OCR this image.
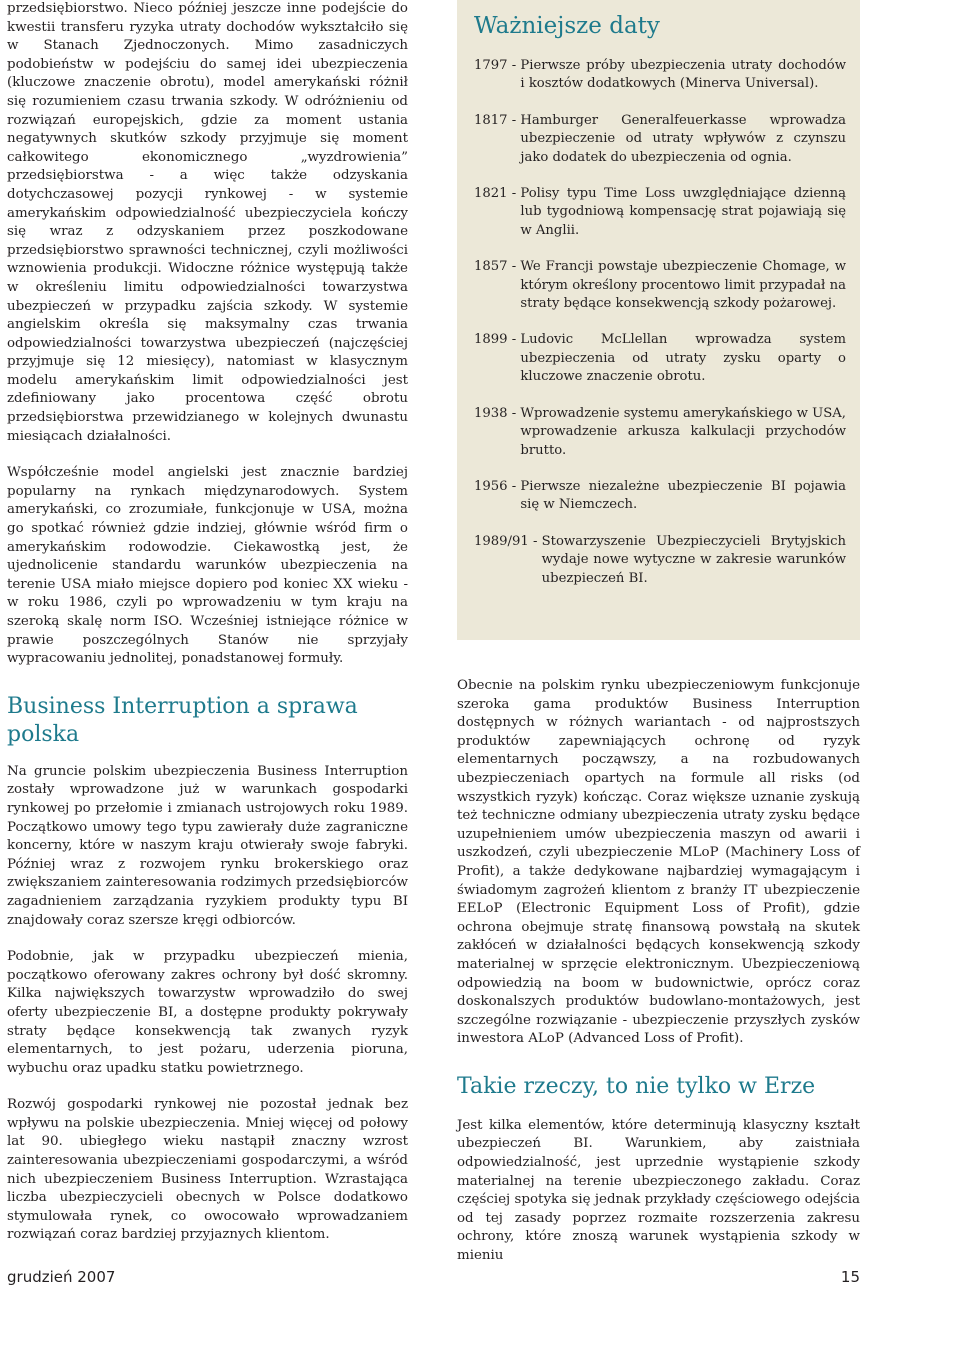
przedsiębiorstwo. Nieco później jeszcze inne podejście do kwestii transferu ryzyka utraty dochodów wykształciło się w Stanach Zjednoczonych. Mimo zasadniczych podobieństw w podejściu do samej idei ubezpieczenia (kluczowe znaczenie obrotu), model amerykański różnił się rozumieniem czasu trwania szkody. W odróżnieniu od rozwiązań europejskich, gdzie za moment ustania negatywnych skutków szkody przyjmuje się moment całkowitego ekonomicznego „wyzdrowienia” przedsiębiorstwa - a więc także odzyskania dotychczasowej pozycji rynkowej - w systemie amerykańskim odpowiedzialność ubezpieczyciela kończy się wraz z odzyskaniem przez poszkodowane przedsiębiorstwo sprawności technicznej, czyli możliwości wznowienia produkcji. Widoczne różnice występują także w określeniu limitu odpowiedzialności towarzystwa ubezpieczeń w przypadku zajścia szkody. W systemie angielskim określa się maksymalny czas trwania odpowiedzialności towarzystwa ubezpieczeń (najczęściej przyjmuje się 12 miesięcy), natomiast w klasycznym modelu amerykańskim limit odpowiedzialności jest zdefiniowany jako procentowa część obrotu przedsiębiorstwa przewidzianego w kolejnych dwunastu miesiącach działalności.

Współcześnie model angielski jest znacznie bardziej popularny na rynkach międzynarodowych. System amerykański, co zrozumiałe, funkcjonuje w USA, można go spotkać również gdzie indziej, głównie wśród firm o amerykańskim rodowodzie. Ciekawostką jest, że ujednolicenie standardu warunków ubezpieczenia na terenie USA miało miejsce dopiero pod koniec XX wieku - w roku 1986, czyli po wprowadzeniu w tym kraju na szeroką skalę norm ISO. Wcześniej istniejące różnice w prawie poszczególnych Stanów nie sprzyjały wypracowaniu jednolitej, ponadstanowej formuły.

Business Interruption a sprawa polska

Na gruncie polskim ubezpieczenia Business Interruption zostały wprowadzone już w warunkach gospodarki rynkowej po przełomie i zmianach ustrojowych roku 1989. Początkowo umowy tego typu zawierały duże zagraniczne koncerny, które w naszym kraju otwierały swoje fabryki. Później wraz z rozwojem rynku brokerskiego oraz zwiększaniem zainteresowania rodzimych przedsiębiorców zagadnieniem zarządzania ryzykiem produkty typu BI znajdowały coraz szersze kręgi odbiorców.

Podobnie, jak w przypadku ubezpieczeń mienia, początkowo oferowany zakres ochrony był dość skromny. Kilka największych towarzystw wprowadziło do swej oferty ubezpieczenie BI, a dostępne produkty pokrywały straty będące konsekwencją tak zwanych ryzyk elementarnych, to jest pożaru, uderzenia pioruna, wybuchu oraz upadku statku powietrznego.

Rozwój gospodarki rynkowej nie pozostał jednak bez wpływu na polskie ubezpieczenia. Mniej więcej od połowy lat 90. ubiegłego wieku nastąpił znaczny wzrost zainteresowania ubezpieczeniami gospodarczymi, a wśród nich ubezpieczeniem Business Interruption. Wzrastająca liczba ubezpieczycieli obecnych w Polsce dodatkowo stymulowała rynek, co owocowało wprowadzaniem rozwiązań coraz bardziej przyjaznych klientom.

Ważniejsze daty
1797 - Pierwsze próby ubezpieczenia utraty dochodów i kosztów dodatkowych (Minerva Universal).
1817 - Hamburger Generalfeuerkasse wprowadza ubezpieczenie od utraty wpływów z czynszu jako dodatek do ubezpieczenia od ognia.
1821 - Polisy typu Time Loss uwzględniające dzienną lub tygodniową kompensację strat pojawiają się w Anglii.
1857 - We Francji powstaje ubezpieczenie Chomage, w którym określony procentowo limit przypadał na straty będące konsekwencją szkody pożarowej.
1899 - Ludovic McLlellan wprowadza system ubezpieczenia od utraty zysku oparty o kluczowe znaczenie obrotu.
1938 - Wprowadzenie systemu amerykańskiego w USA, wprowadzenie arkusza kalkulacji przychodów brutto.
1956 - Pierwsze niezależne ubezpieczenie BI pojawia się w Niemczech.
1989/91 - Stowarzyszenie Ubezpieczycieli Brytyjskich wydaje nowe wytyczne w zakresie warunków ubezpieczeń BI.

Obecnie na polskim rynku ubezpieczeniowym funkcjonuje szeroka gama produktów Business Interruption dostępnych w różnych wariantach - od najprostszych produktów zapewniających ochronę od ryzyk elementarnych począwszy, a na rozbudowanych ubezpieczeniach opartych na formule all risks (od wszystkich ryzyk) kończąc. Coraz większe uznanie zyskują też techniczne odmiany ubezpieczenia utraty zysku będące uzupełnieniem umów ubezpieczenia maszyn od awarii i uszkodzeń, czyli ubezpieczenie MLoP (Machinery Loss of Profit), a także dedykowane najbardziej wymagającym i świadomym zagrożeń klientom z branży IT ubezpieczenie EELoP (Electronic Equipment Loss of Profit), gdzie ochrona obejmuje stratę finansową powstałą na skutek zakłóceń w działalności będących konsekwencją szkody materialnej w sprzęcie elektronicznym. Ubezpieczeniową odpowiedzią na boom w budownictwie, oprócz coraz doskonalszych produktów budowlano-montażowych, jest szczególne rozwiązanie - ubezpieczenie przyszłych zysków inwestora ALoP (Advanced Loss of Profit).

Takie rzeczy, to nie tylko w Erze

Jest kilka elementów, które determinują klasyczny kształt ubezpieczeń BI. Warunkiem, aby zaistniała odpowiedzialność, jest uprzednie wystąpienie szkody materialnej na terenie ubezpieczonego zakładu. Coraz częściej spotyka się jednak przykłady częściowego odejścia od tej zasady poprzez rozmaite rozszerzenia zakresu ochrony, które znoszą warunek wystąpienia szkody w mieniu

grudzień 2007	15
